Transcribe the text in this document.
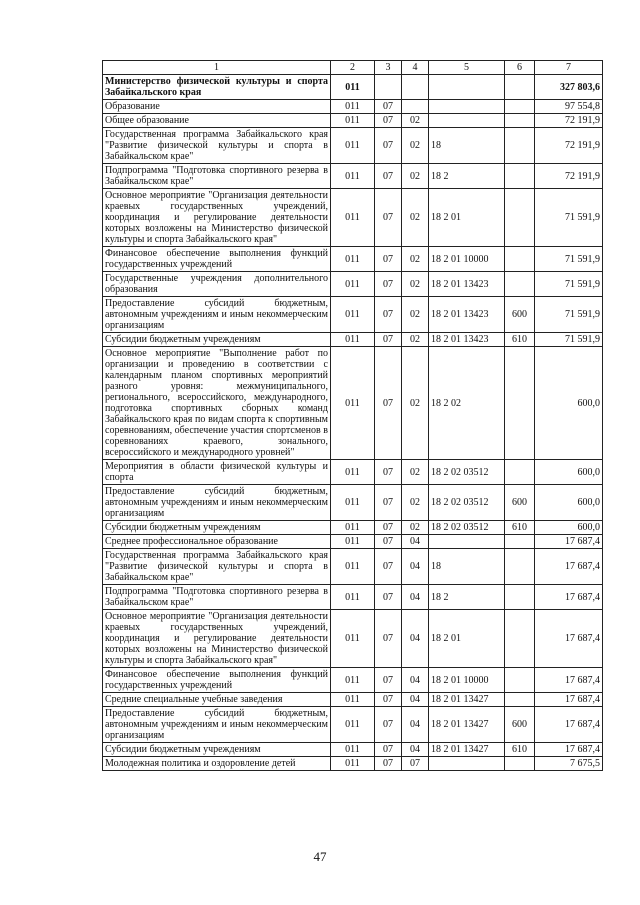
1	2	3	4	5	6	7
Министерство физической культуры и спорта Забайкальского края	011					327 803,6
Образование	011	07				97 554,8
Общее образование	011	07	02			72 191,9
Государственная программа Забайкальского края "Развитие физической культуры и спорта в Забайкальском крае"	011	07	02	18		72 191,9
Подпрограмма "Подготовка спортивного резерва в Забайкальском крае"	011	07	02	18 2		72 191,9
Основное мероприятие "Организация деятельности краевых государственных учреждений, координация и регулирование деятельности которых возложены на Министерство физической культуры и спорта Забайкальского края"	011	07	02	18 2 01		71 591,9
Финансовое обеспечение выполнения функций государственных учреждений	011	07	02	18 2 01 10000		71 591,9
Государственные учреждения дополнительного образования	011	07	02	18 2 01 13423		71 591,9
Предоставление субсидий бюджетным, автономным учреждениям и иным некоммерческим организациям	011	07	02	18 2 01 13423	600	71 591,9
Субсидии бюджетным учреждениям	011	07	02	18 2 01 13423	610	71 591,9
Основное мероприятие "Выполнение работ по организации и проведению в соответствии с календарным планом спортивных мероприятий разного уровня: межмуниципального, регионального, всероссийского, международного, подготовка спортивных сборных команд Забайкальского края по видам спорта к спортивным соревнованиям, обеспечение участия спортсменов в соревнованиях краевого, зонального, всероссийского и международного уровней"	011	07	02	18 2 02		600,0
Мероприятия в области физической культуры и спорта	011	07	02	18 2 02 03512		600,0
Предоставление субсидий бюджетным, автономным учреждениям и иным некоммерческим организациям	011	07	02	18 2 02 03512	600	600,0
Субсидии бюджетным учреждениям	011	07	02	18 2 02 03512	610	600,0
Среднее профессиональное образование	011	07	04			17 687,4
Государственная программа Забайкальского края "Развитие физической культуры и спорта в Забайкальском крае"	011	07	04	18		17 687,4
Подпрограмма "Подготовка спортивного резерва в Забайкальском крае"	011	07	04	18 2		17 687,4
Основное мероприятие "Организация деятельности краевых государственных учреждений, координация и регулирование деятельности которых возложены на Министерство физической культуры и спорта Забайкальского края"	011	07	04	18 2 01		17 687,4
Финансовое обеспечение выполнения функций государственных учреждений	011	07	04	18 2 01 10000		17 687,4
Средние специальные учебные заведения	011	07	04	18 2 01 13427		17 687,4
Предоставление субсидий бюджетным, автономным учреждениям и иным некоммерческим организациям	011	07	04	18 2 01 13427	600	17 687,4
Субсидии бюджетным учреждениям	011	07	04	18 2 01 13427	610	17 687,4
Молодежная политика и оздоровление детей	011	07	07			7 675,5
47
